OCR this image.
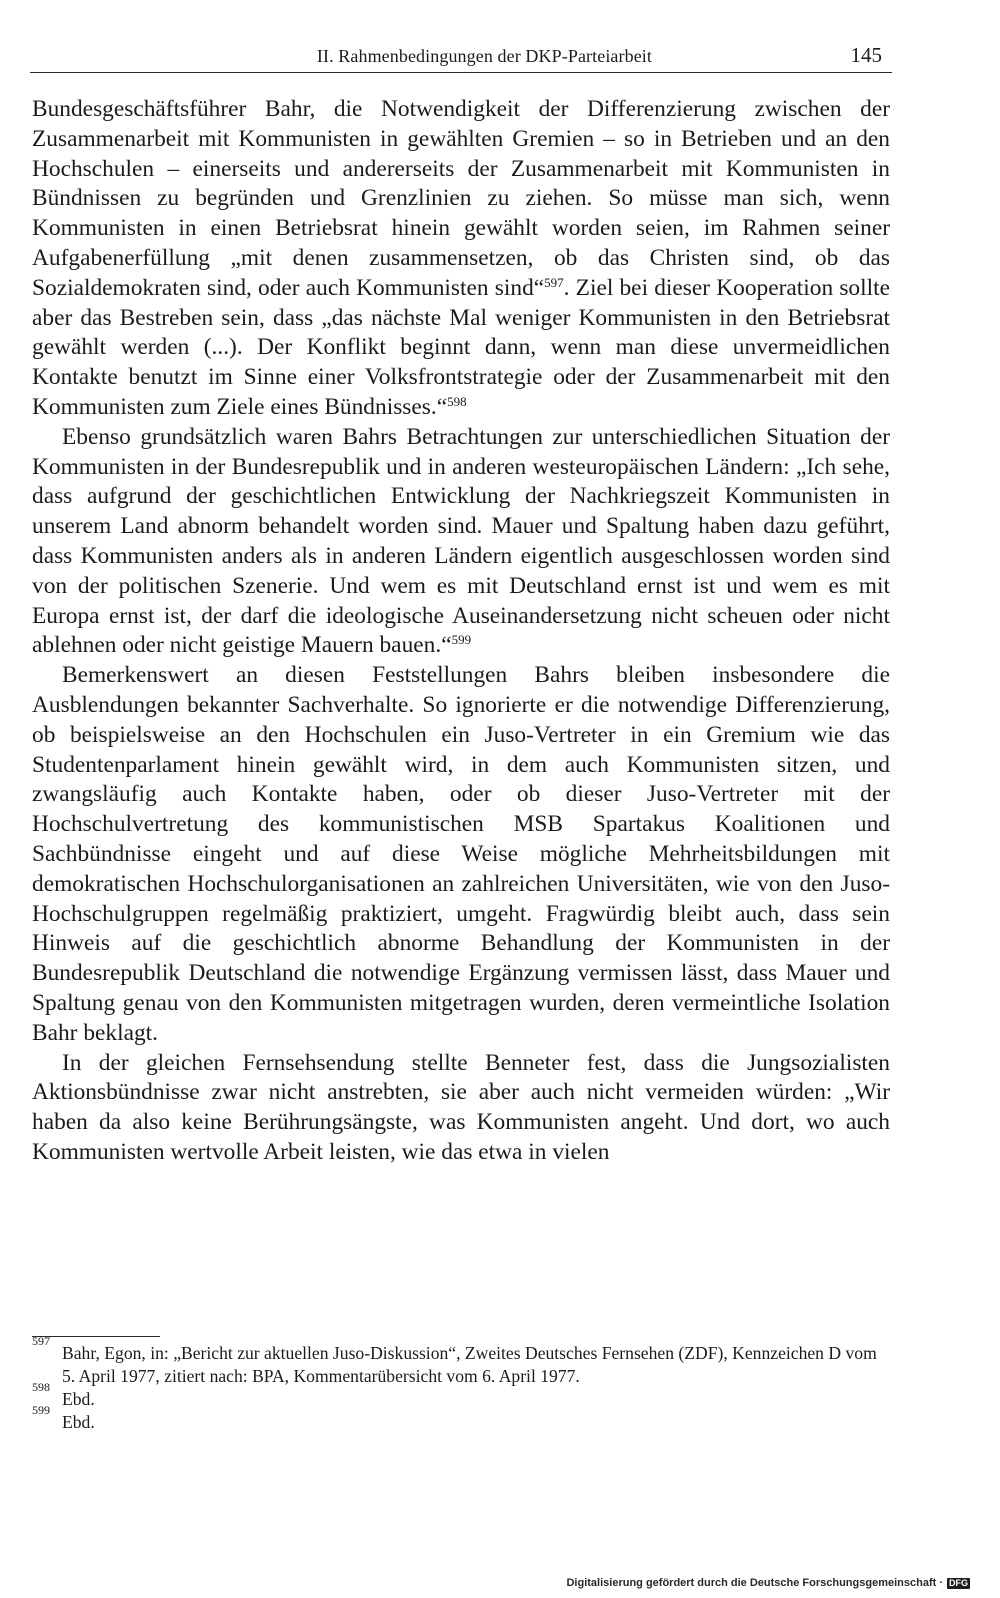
II. Rahmenbedingungen der DKP-Parteiarbeit	145

Bundesgeschäftsführer Bahr, die Notwendigkeit der Differenzierung zwischen der Zusammenarbeit mit Kommunisten in gewählten Gremien – so in Betrieben und an den Hochschulen – einerseits und andererseits der Zusammenarbeit mit Kommunisten in Bündnissen zu begründen und Grenzlinien zu ziehen. So müsse man sich, wenn Kommunisten in einen Betriebsrat hinein gewählt worden seien, im Rahmen seiner Aufgabenerfüllung „mit denen zusammensetzen, ob das Christen sind, ob das Sozialdemokraten sind, oder auch Kommunisten sind“$^{597}$. Ziel bei dieser Kooperation sollte aber das Bestreben sein, dass „das nächste Mal weniger Kommunisten in den Betriebsrat gewählt werden (...). Der Konflikt beginnt dann, wenn man diese unvermeidlichen Kontakte benutzt im Sinne einer Volksfrontstrategie oder der Zusammenarbeit mit den Kommunisten zum Ziele eines Bündnisses.“$^{598}$

Ebenso grundsätzlich waren Bahrs Betrachtungen zur unterschiedlichen Situation der Kommunisten in der Bundesrepublik und in anderen westeuropäischen Ländern: „Ich sehe, dass aufgrund der geschichtlichen Entwicklung der Nachkriegszeit Kommunisten in unserem Land abnorm behandelt worden sind. Mauer und Spaltung haben dazu geführt, dass Kommunisten anders als in anderen Ländern eigentlich ausgeschlossen worden sind von der politischen Szenerie. Und wem es mit Deutschland ernst ist und wem es mit Europa ernst ist, der darf die ideologische Auseinandersetzung nicht scheuen oder nicht ablehnen oder nicht geistige Mauern bauen.“$^{599}$

Bemerkenswert an diesen Feststellungen Bahrs bleiben insbesondere die Ausblendungen bekannter Sachverhalte. So ignorierte er die notwendige Differenzierung, ob beispielsweise an den Hochschulen ein Juso-Vertreter in ein Gremium wie das Studentenparlament hinein gewählt wird, in dem auch Kommunisten sitzen, und zwangsläufig auch Kontakte haben, oder ob dieser Juso-Vertreter mit der Hochschulvertretung des kommunistischen MSB Spartakus Koalitionen und Sachbündnisse eingeht und auf diese Weise mögliche Mehrheitsbildungen mit demokratischen Hochschulorganisationen an zahlreichen Universitäten, wie von den Juso-Hochschulgruppen regelmäßig praktiziert, umgeht. Fragwürdig bleibt auch, dass sein Hinweis auf die geschichtlich abnorme Behandlung der Kommunisten in der Bundesrepublik Deutschland die notwendige Ergänzung vermissen lässt, dass Mauer und Spaltung genau von den Kommunisten mitgetragen wurden, deren vermeintliche Isolation Bahr beklagt.

In der gleichen Fernsehsendung stellte Benneter fest, dass die Jungsozialisten Aktionsbündnisse zwar nicht anstrebten, sie aber auch nicht vermeiden würden: „Wir haben da also keine Berührungsängste, was Kommunisten angeht. Und dort, wo auch Kommunisten wertvolle Arbeit leisten, wie das etwa in vielen

597
Bahr, Egon, in: „Bericht zur aktuellen Juso-Diskussion“, Zweites Deutsches Fernsehen (ZDF), Kennzeichen D vom 5. April 1977, zitiert nach: BPA, Kommentarübersicht vom 6. April 1977.
598
Ebd.
599
Ebd.
Digitalisierung gefördert durch die Deutsche Forschungsgemeinschaft · DFG
